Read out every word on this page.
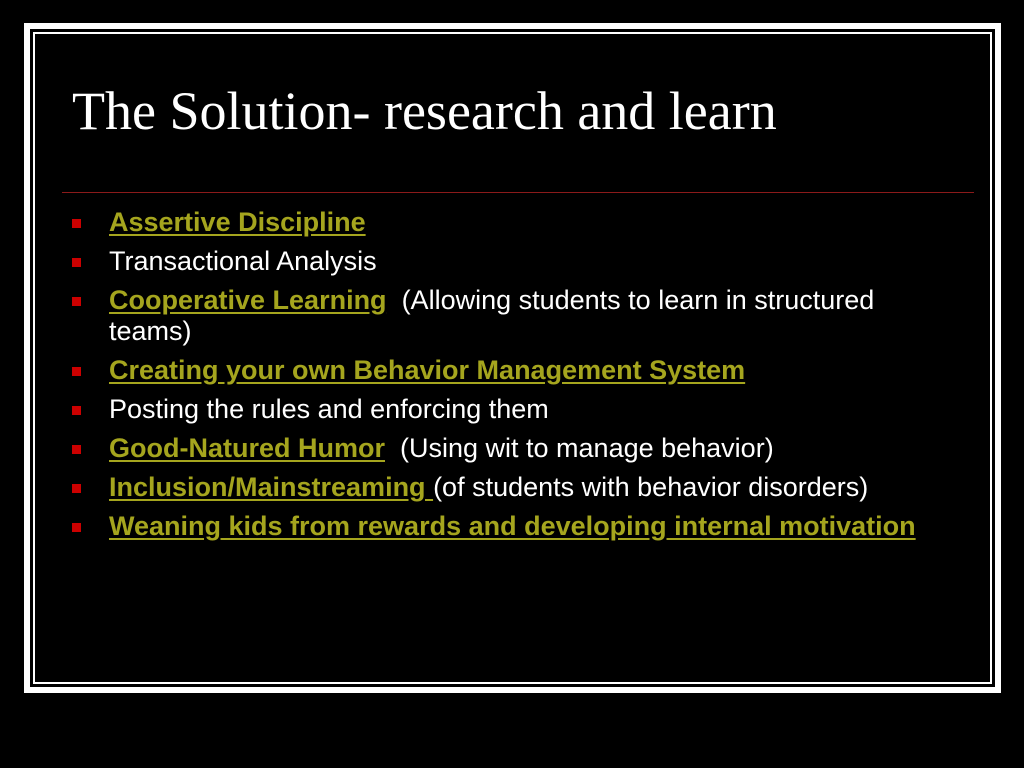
The Solution- research and learn
Assertive Discipline
Transactional Analysis
Cooperative Learning  (Allowing students to learn in structured teams)
Creating your own Behavior Management System
Posting the rules and enforcing them
Good-Natured Humor  (Using wit to manage behavior)
Inclusion/Mainstreaming (of students with behavior disorders)
Weaning kids from rewards and developing internal motivation
